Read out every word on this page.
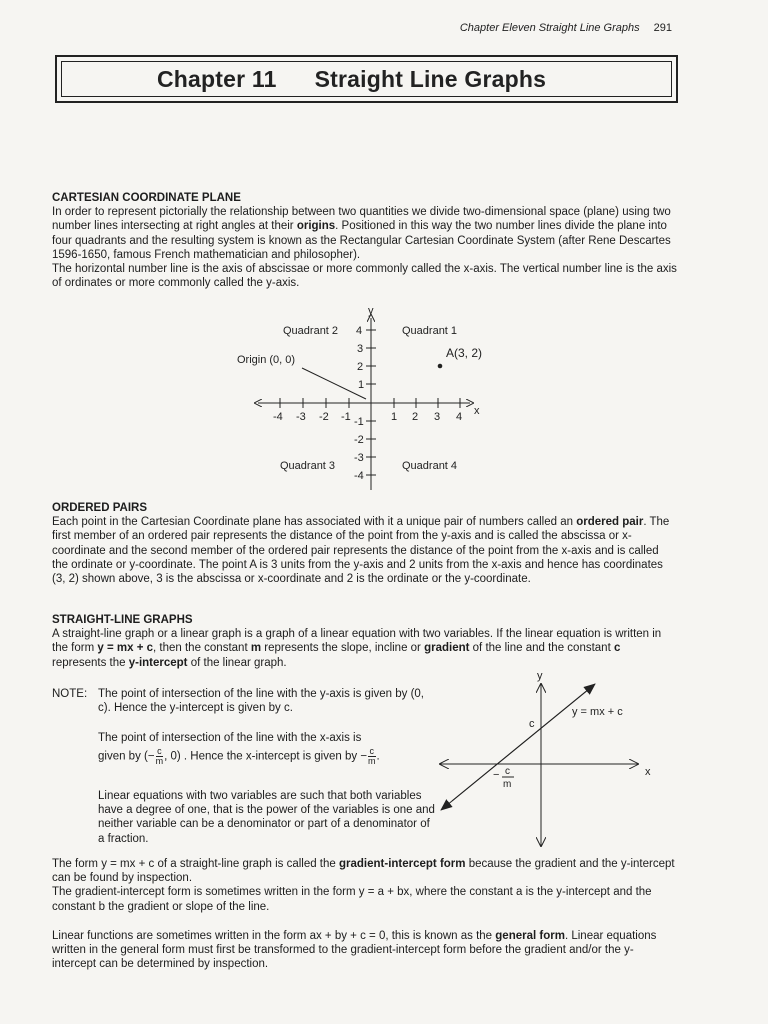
Chapter Eleven Straight Line Graphs 291
Chapter 11 Straight Line Graphs

CARTESIAN COORDINATE PLANE

In order to represent pictorially the relationship between two quantities we divide two-dimensional space (plane) using two number lines intersecting at right angles at their origins. Positioned in this way the two number lines divide the plane into four quadrants and the resulting system is known as the Rectangular Cartesian Coordinate System (after Rene Descartes 1596-1650, famous French mathematician and philosopher).

The horizontal number line is the axis of abscissae or more commonly called the x-axis. The vertical number line is the axis of ordinates or more commonly called the y-axis.

y
x
4
3
2
1
-1
-2
-3
-4
-4 -3 -2 -1	1 2 3 4
Quadrant 2	Quadrant 1
Quadrant 3	Quadrant 4
Origin (0, 0)	A(3, 2)

ORDERED PAIRS

Each point in the Cartesian Coordinate plane has associated with it a unique pair of numbers called an ordered pair. The first member of an ordered pair represents the distance of the point from the y-axis and is called the abscissa or x-coordinate and the second member of the ordered pair represents the distance of the point from the x-axis and is called the ordinate or y-coordinate. The point A is 3 units from the y-axis and 2 units from the x-axis and hence has coordinates (3, 2) shown above, 3 is the abscissa or x-coordinate and 2 is the ordinate or the y-coordinate.

STRAIGHT-LINE GRAPHS

A straight-line graph or a linear graph is a graph of a linear equation with two variables. If the linear equation is written in the form y = mx + c, then the constant m represents the slope, incline or gradient of the line and the constant c represents the y-intercept of the linear graph.

NOTE: The point of intersection of the line with the y-axis is given by (0, c). Hence the y-intercept is given by c.

The point of intersection of the line with the x-axis is

given by (− $\frac{c}{m}$ , 0) . Hence the x-intercept is given by − $\frac{c}{m}$ .

Linear equations with two variables are such that both variables have a degree of one, that is the power of the variables is one and neither variable can be a denominator or part of a denominator of a fraction.

y
x
c
y = mx + c
− c
m

The form y = mx + c of a straight-line graph is called the gradient-intercept form because the gradient and the y-intercept can be found by inspection.

The gradient-intercept form is sometimes written in the form y = a + bx, where the constant a is the y-intercept and the constant b the gradient or slope of the line.

Linear functions are sometimes written in the form ax + by + c = 0, this is known as the general form. Linear equations written in the general form must first be transformed to the gradient-intercept form before the gradient and/or the y-intercept can be determined by inspection.
